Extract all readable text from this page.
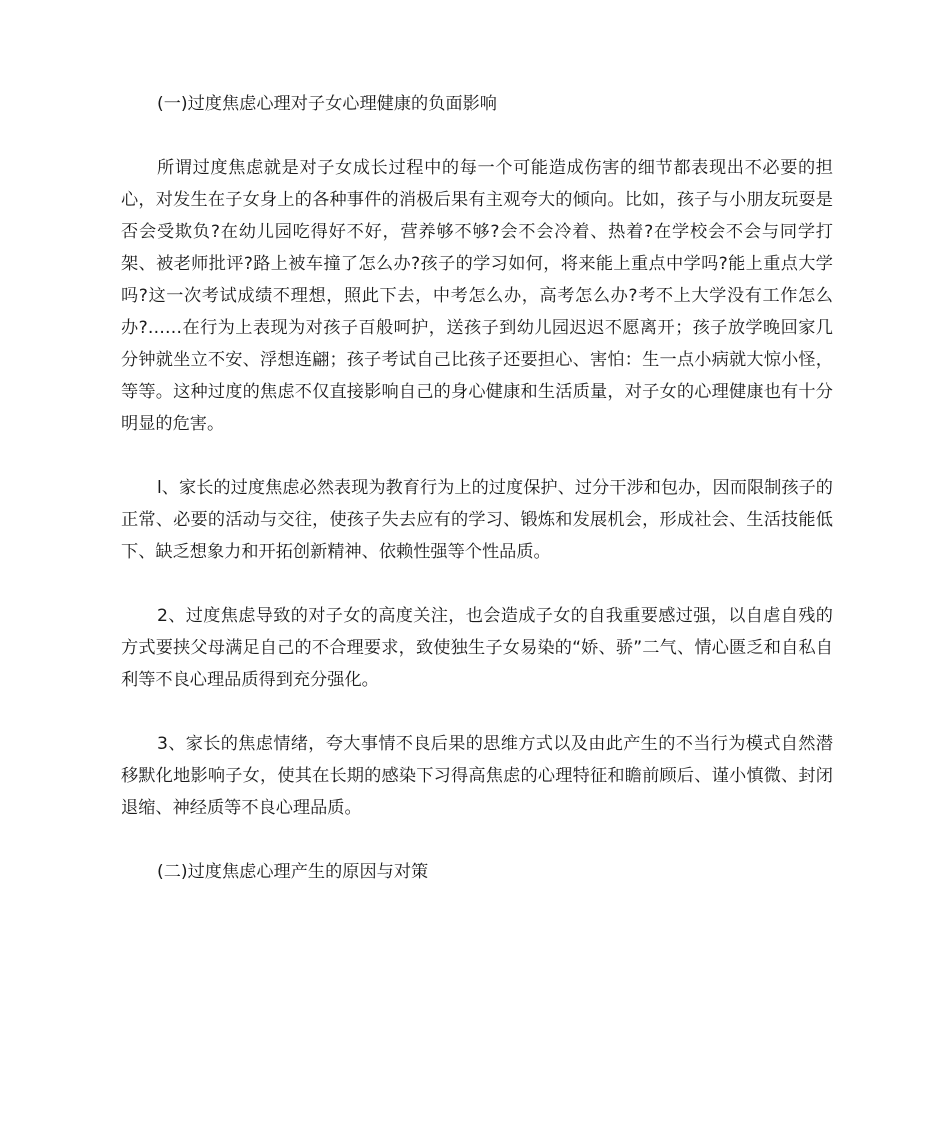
(一)过度焦虑心理对子女心理健康的负面影响

所谓过度焦虑就是对子女成长过程中的每一个可能造成伤害的细节都表现出不必要的担心，对发生在子女身上的各种事件的消极后果有主观夸大的倾向。比如，孩子与小朋友玩耍是否会受欺负?在幼儿园吃得好不好，营养够不够?会不会冷着、热着?在学校会不会与同学打架、被老师批评?路上被车撞了怎么办?孩子的学习如何，将来能上重点中学吗?能上重点大学吗?这一次考试成绩不理想，照此下去，中考怎么办，高考怎么办?考不上大学没有工作怎么办?……在行为上表现为对孩子百般呵护，送孩子到幼儿园迟迟不愿离开；孩子放学晚回家几分钟就坐立不安、浮想连翩；孩子考试自己比孩子还要担心、害怕：生一点小病就大惊小怪，等等。这种过度的焦虑不仅直接影响自己的身心健康和生活质量，对子女的心理健康也有十分明显的危害。

l、家长的过度焦虑必然表现为教育行为上的过度保护、过分干涉和包办，因而限制孩子的正常、必要的活动与交往，使孩子失去应有的学习、锻炼和发展机会，形成社会、生活技能低下、缺乏想象力和开拓创新精神、依赖性强等个性品质。

2、过度焦虑导致的对子女的高度关注，也会造成子女的自我重要感过强，以自虐自残的方式要挟父母满足自己的不合理要求，致使独生子女易染的“娇、骄”二气、情心匮乏和自私自利等不良心理品质得到充分强化。

3、家长的焦虑情绪，夸大事情不良后果的思维方式以及由此产生的不当行为模式自然潜移默化地影响子女，使其在长期的感染下习得高焦虑的心理特征和瞻前顾后、谨小慎微、封闭退缩、神经质等不良心理品质。

(二)过度焦虑心理产生的原因与对策
